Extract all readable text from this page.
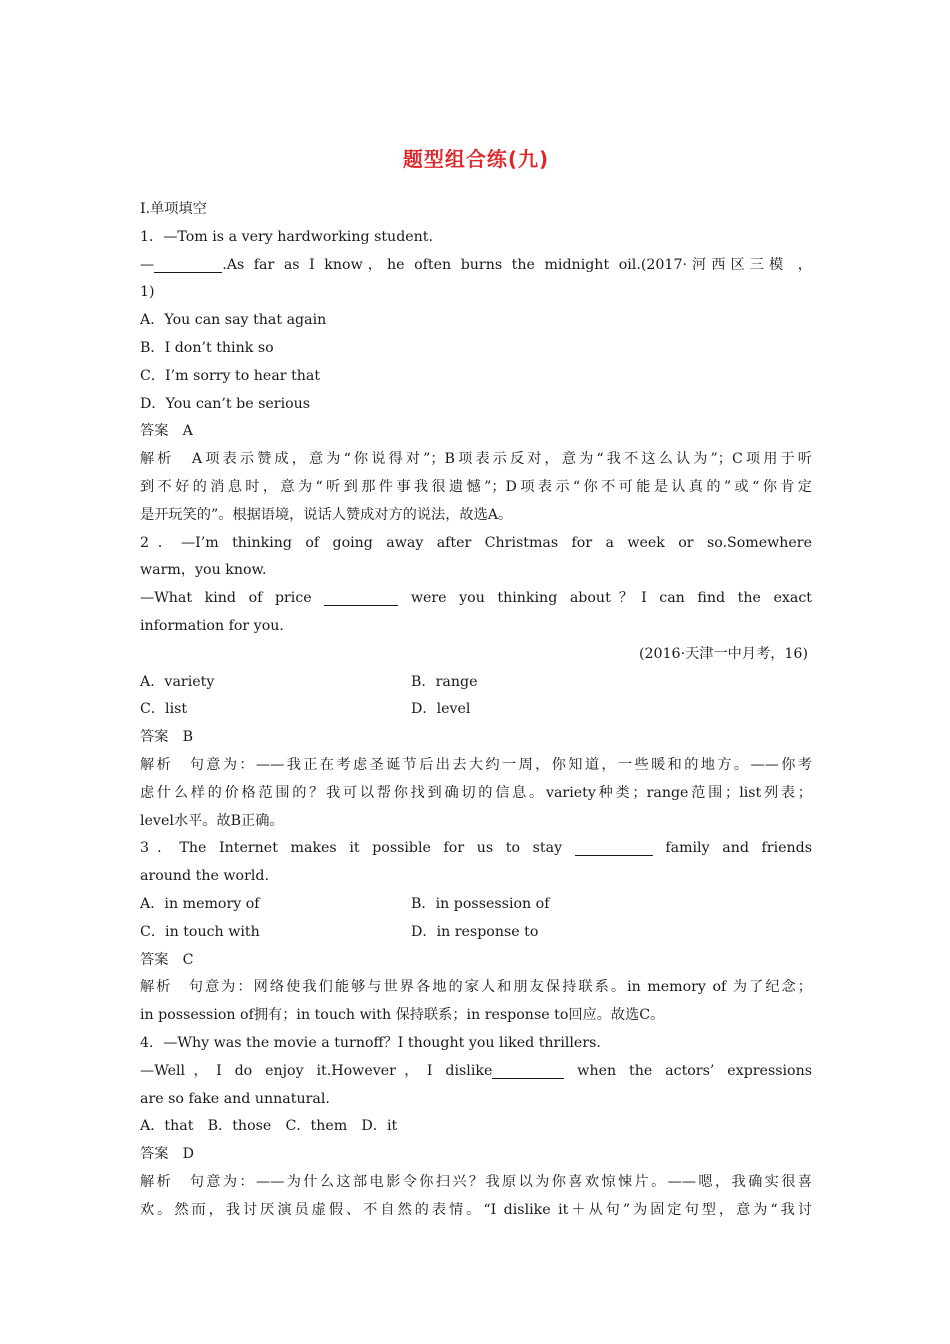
题型组合练(九)
Ⅰ.单项填空
1．—Tom is a very hardworking student.
—	.As far as I know，he often burns the midnight oil.(2017·河西区三模 ，
1)
A．You can say that again
B．I don’t think so
C．I’m sorry to hear that
D．You can’t be serious
答案　A
解析　A项表示赞成，意为“你说得对”；B项表示反对，意为“我不这么认为”；C项用于听
到不好的消息时，意为“听到那件事我很遗憾”；D项表示“你不可能是认真的”或“你肯定
是开玩笑的”。根据语境，说话人赞成对方的说法，故选A。
2．—I’m thinking of going away after Christmas for a week or so.Somewhere
warm，you know.
—What kind of price	were you thinking about？I can find the exact
information for you.
(2016·天津一中月考，16)
A．variety	B．range
C．list	D．level
答案　B
解析　句意为：——我正在考虑圣诞节后出去大约一周，你知道，一些暖和的地方。——你考
虑什么样的价格范围的？我可以帮你找到确切的信息。variety种类；range范围；list列表；
level水平。故B正确。
3．The Internet makes it possible for us to stay	family and friends
around the world.
A．in memory of	B．in possession of
C．in touch with	D．in response to
答案　C
解析　句意为：网络使我们能够与世界各地的家人和朋友保持联系。in memory of 为了纪念；
in possession of拥有；in touch with 保持联系；in response to回应。故选C。
4．—Why was the movie a turnoff？I thought you liked thrillers.
—Well，I do enjoy it.However，I dislike	when the actors’ expressions
are so fake and unnatural.
A．that　B．those　C．them　D．it
答案　D
解析　句意为：——为什么这部电影令你扫兴？我原以为你喜欢惊悚片。——嗯，我确实很喜
欢。然而，我讨厌演员虚假、不自然的表情。“I dislike it＋从句”为固定句型，意为“我讨
